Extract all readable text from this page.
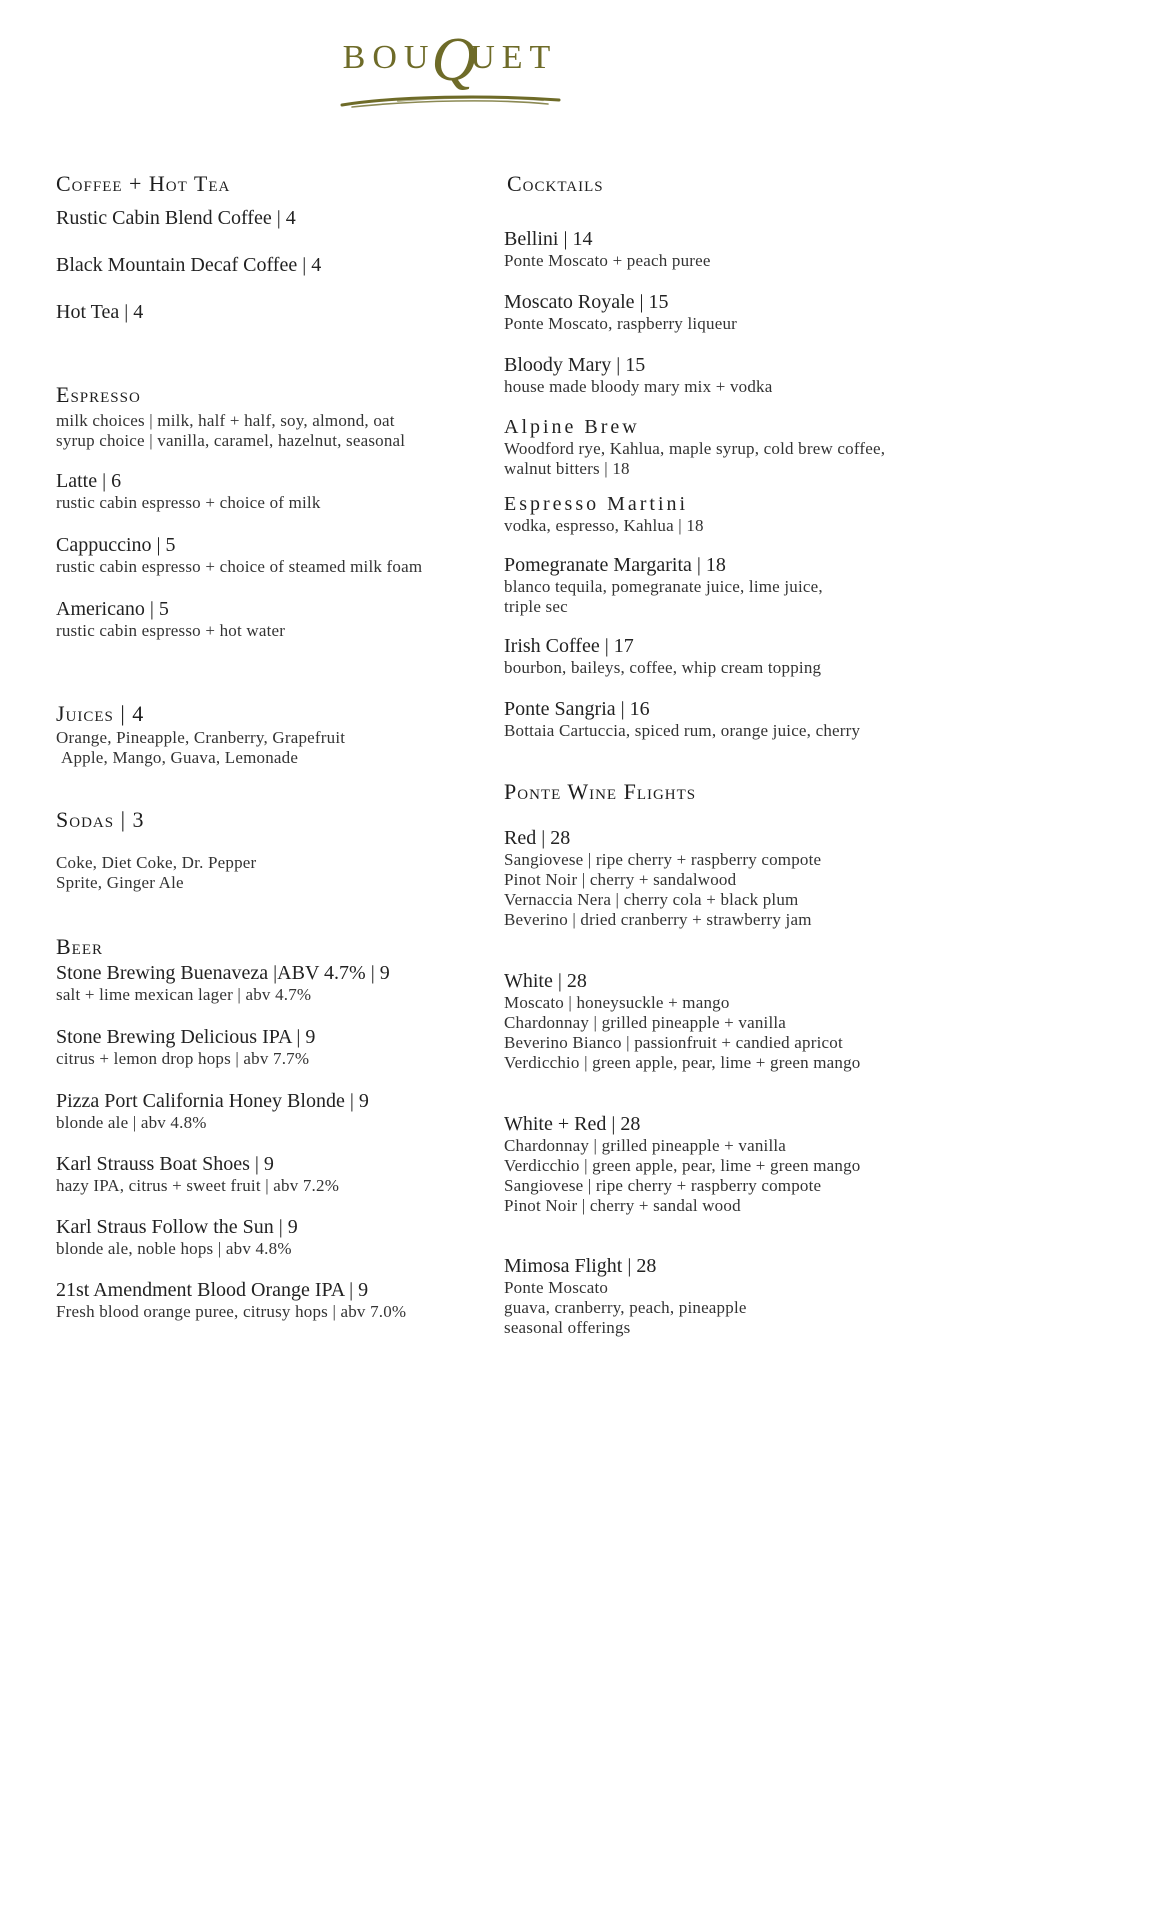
BOUQUET
Coffee + Hot Tea
Rustic Cabin Blend Coffee | 4
Black Mountain Decaf Coffee | 4
Hot Tea | 4
Espresso
milk choices | milk, half + half, soy, almond, oat
syrup choice | vanilla, caramel, hazelnut, seasonal
Latte | 6
rustic cabin espresso + choice of milk
Cappuccino | 5
rustic cabin espresso + choice of steamed milk foam
Americano | 5
rustic cabin espresso + hot water
Juices | 4
Orange, Pineapple, Cranberry, Grapefruit
Apple, Mango, Guava, Lemonade
Sodas | 3
Coke, Diet Coke, Dr. Pepper
Sprite, Ginger Ale
Beer
Stone Brewing Buenaveza |ABV 4.7% | 9
salt + lime mexican lager | abv 4.7%
Stone Brewing Delicious IPA | 9
citrus + lemon drop hops | abv 7.7%
Pizza Port California Honey Blonde | 9
blonde ale | abv 4.8%
Karl Strauss Boat Shoes | 9
hazy IPA, citrus + sweet fruit | abv 7.2%
Karl Straus Follow the Sun | 9
blonde ale, noble hops | abv 4.8%
21st Amendment Blood Orange IPA | 9
Fresh blood orange puree, citrusy hops | abv 7.0%
Cocktails
Bellini | 14
Ponte Moscato + peach puree
Moscato Royale | 15
Ponte Moscato, raspberry liqueur
Bloody Mary | 15
house made bloody mary mix + vodka
Alpine Brew
Woodford rye, Kahlua, maple syrup, cold brew coffee,
walnut bitters | 18
Espresso Martini
vodka, espresso, Kahlua | 18
Pomegranate Margarita | 18
blanco tequila, pomegranate juice, lime juice,
triple sec
Irish Coffee | 17
bourbon, baileys, coffee, whip cream topping
Ponte Sangria | 16
Bottaia Cartuccia, spiced rum, orange juice, cherry
Ponte Wine Flights
Red | 28
Sangiovese | ripe cherry + raspberry compote
Pinot Noir | cherry + sandalwood
Vernaccia Nera | cherry cola + black plum
Beverino | dried cranberry + strawberry jam
White | 28
Moscato | honeysuckle + mango
Chardonnay | grilled pineapple + vanilla
Beverino Bianco | passionfruit + candied apricot
Verdicchio | green apple, pear, lime + green mango
White + Red | 28
Chardonnay | grilled pineapple + vanilla
Verdicchio | green apple, pear, lime + green mango
Sangiovese | ripe cherry + raspberry compote
Pinot Noir | cherry + sandal wood
Mimosa Flight | 28
Ponte Moscato
guava, cranberry, peach, pineapple
seasonal offerings
